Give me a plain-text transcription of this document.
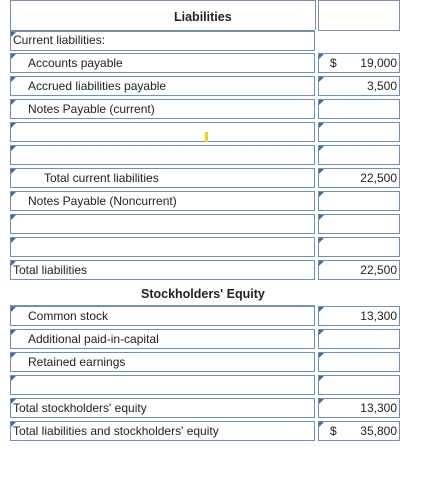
Liabilities
Current liabilities:
Accounts payable	$	19,000
Accrued liabilities payable	3,500
Notes Payable (current)
Total current liabilities	22,500
Notes Payable (Noncurrent)
Total liabilities	22,500
Stockholders' Equity
Common stock	13,300
Additional paid-in-capital
Retained earnings
Total stockholders' equity	13,300
Total liabilities and stockholders' equity	$	35,800
